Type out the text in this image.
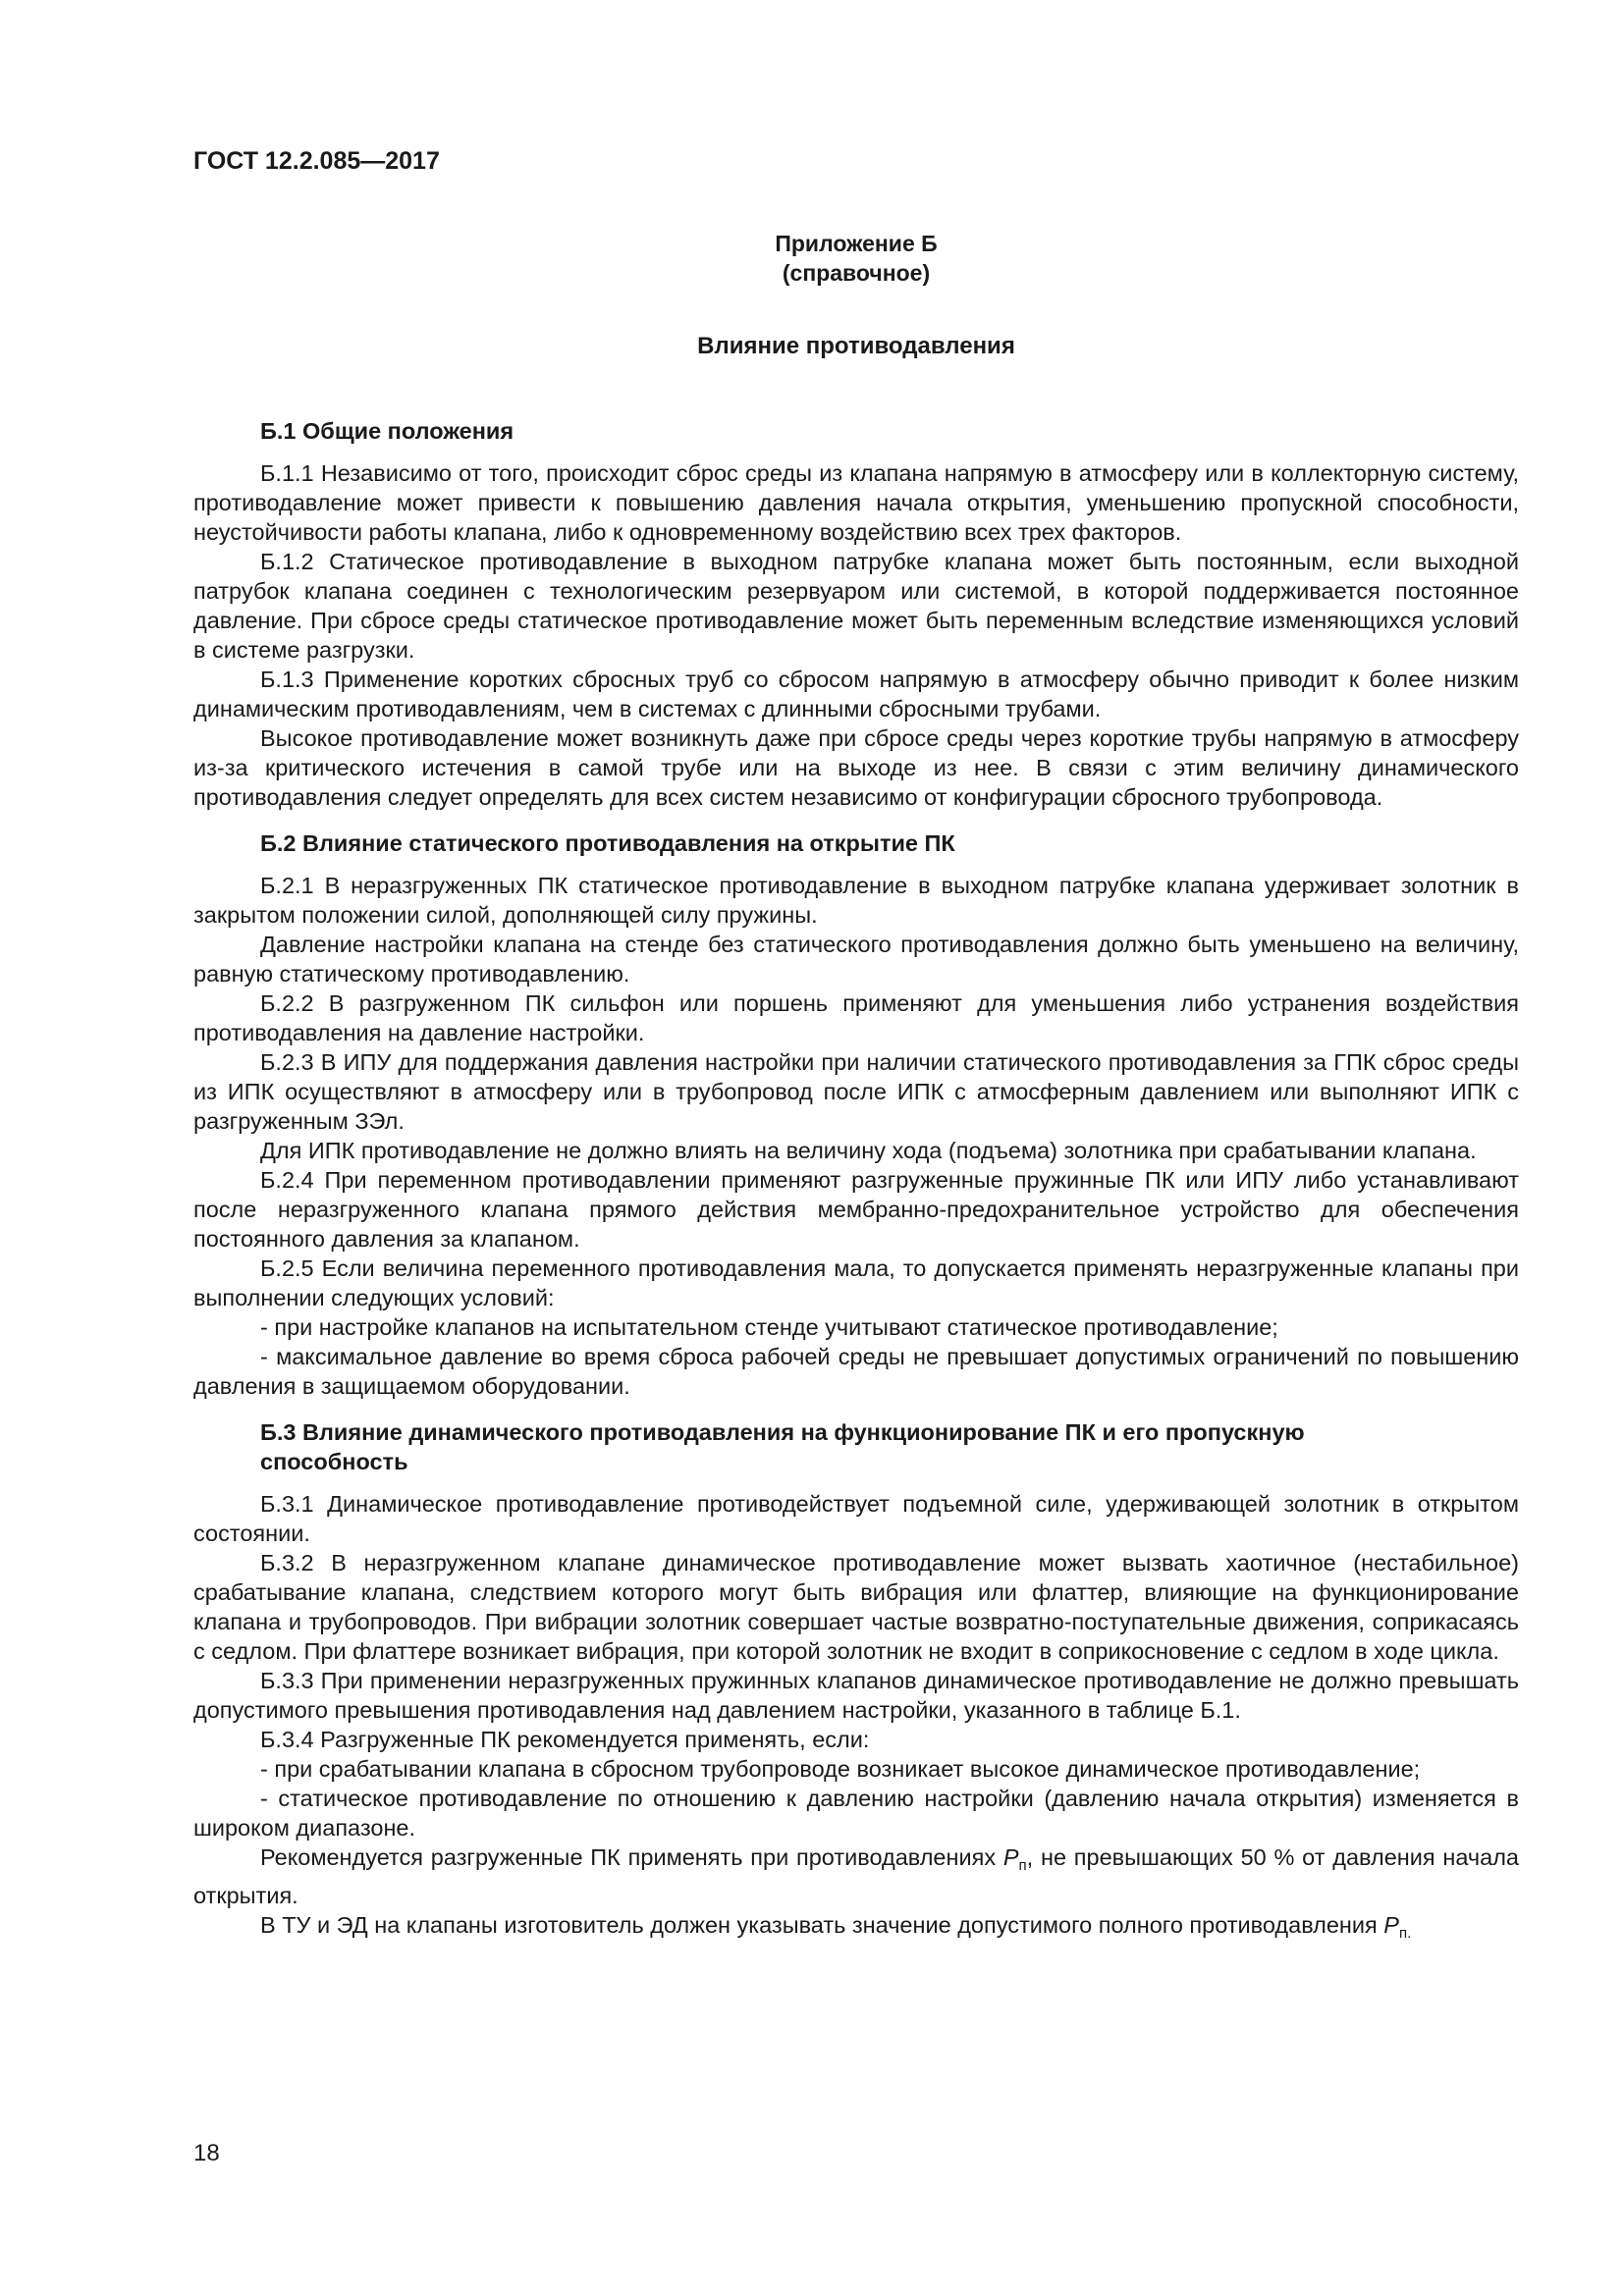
ГОСТ 12.2.085—2017
Приложение Б
(справочное)
Влияние противодавления

Б.1 Общие положения

Б.1.1 Независимо от того, происходит сброс среды из клапана напрямую в атмосферу или в коллекторную систему, противодавление может привести к повышению давления начала открытия, уменьшению пропускной способности, неустойчивости работы клапана, либо к одновременному воздействию всех трех факторов.

Б.1.2 Статическое противодавление в выходном патрубке клапана может быть постоянным, если выходной патрубок клапана соединен с технологическим резервуаром или системой, в которой поддерживается постоянное давление. При сбросе среды статическое противодавление может быть переменным вследствие изменяющихся условий в системе разгрузки.

Б.1.3 Применение коротких сбросных труб со сбросом напрямую в атмосферу обычно приводит к более низким динамическим противодавлениям, чем в системах с длинными сбросными трубами.

Высокое противодавление может возникнуть даже при сбросе среды через короткие трубы напрямую в атмосферу из-за критического истечения в самой трубе или на выходе из нее. В связи с этим величину динамического противодавления следует определять для всех систем независимо от конфигурации сбросного трубопровода.

Б.2 Влияние статического противодавления на открытие ПК

Б.2.1 В неразгруженных ПК статическое противодавление в выходном патрубке клапана удерживает золотник в закрытом положении силой, дополняющей силу пружины.

Давление настройки клапана на стенде без статического противодавления должно быть уменьшено на величину, равную статическому противодавлению.

Б.2.2 В разгруженном ПК сильфон или поршень применяют для уменьшения либо устранения воздействия противодавления на давление настройки.

Б.2.3 В ИПУ для поддержания давления настройки при наличии статического противодавления за ГПК сброс среды из ИПК осуществляют в атмосферу или в трубопровод после ИПК с атмосферным давлением или выполняют ИПК с разгруженным ЗЭл.

Для ИПК противодавление не должно влиять на величину хода (подъема) золотника при срабатывании клапана.

Б.2.4 При переменном противодавлении применяют разгруженные пружинные ПК или ИПУ либо устанавливают после неразгруженного клапана прямого действия мембранно-предохранительное устройство для обеспечения постоянного давления за клапаном.

Б.2.5 Если величина переменного противодавления мала, то допускается применять неразгруженные клапаны при выполнении следующих условий:

- при настройке клапанов на испытательном стенде учитывают статическое противодавление;

- максимальное давление во время сброса рабочей среды не превышает допустимых ограничений по повышению давления в защищаемом оборудовании.

Б.3 Влияние динамического противодавления на функционирование ПК и его пропускную
способность

Б.3.1 Динамическое противодавление противодействует подъемной силе, удерживающей золотник в открытом состоянии.

Б.3.2 В неразгруженном клапане динамическое противодавление может вызвать хаотичное (нестабильное) срабатывание клапана, следствием которого могут быть вибрация или флаттер, влияющие на функционирование клапана и трубопроводов. При вибрации золотник совершает частые возвратно-поступательные движения, соприкасаясь с седлом. При флаттере возникает вибрация, при которой золотник не входит в соприкосновение с седлом в ходе цикла.

Б.3.3 При применении неразгруженных пружинных клапанов динамическое противодавление не должно превышать допустимого превышения противодавления над давлением настройки, указанного в таблице Б.1.

Б.3.4 Разгруженные ПК рекомендуется применять, если:

- при срабатывании клапана в сбросном трубопроводе возникает высокое динамическое противодавление;

- статическое противодавление по отношению к давлению настройки (давлению начала открытия) изменяется в широком диапазоне.

Рекомендуется разгруженные ПК применять при противодавлениях $P_п$, не превышающих 50 % от давления начала открытия.

В ТУ и ЭД на клапаны изготовитель должен указывать значение допустимого полного противодавления $P_{п.}$

18
